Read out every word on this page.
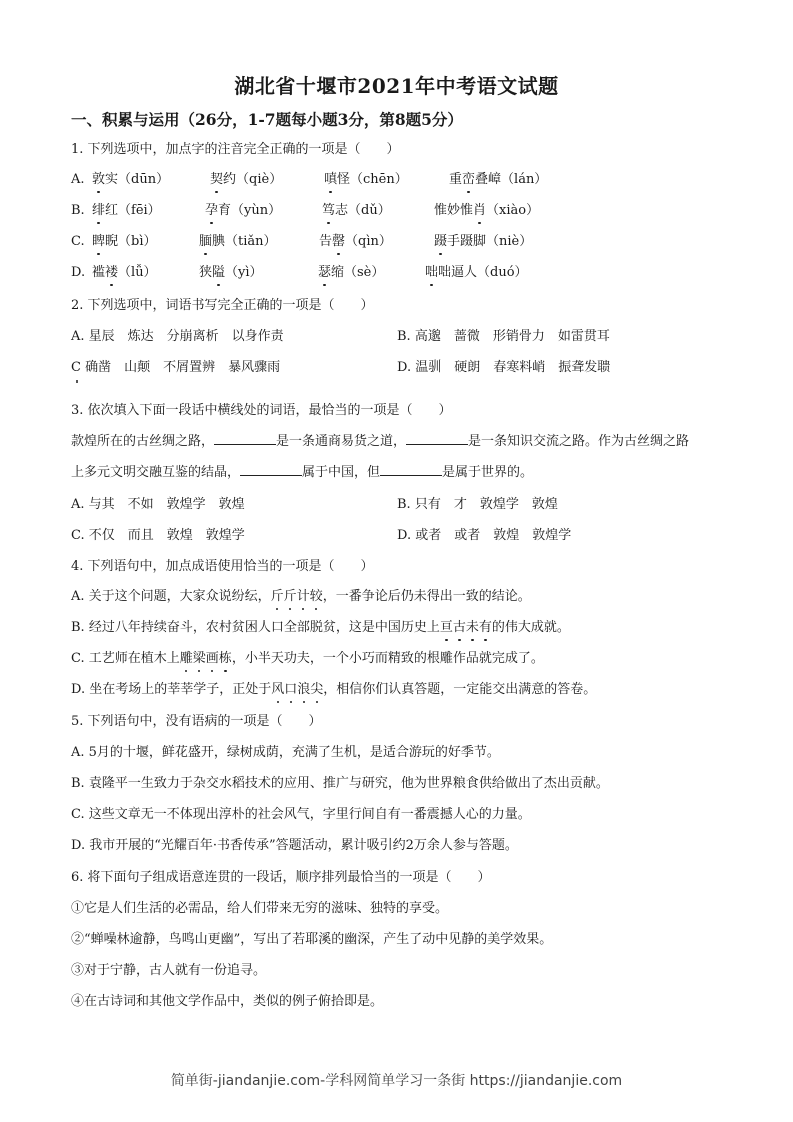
湖北省十堰市2021年中考语文试题
一、积累与运用（26分，1-7题每小题3分，第8题5分）
1. 下列选项中，加点字的注音完全正确的一项是（　　）
A. 敦实（dūn）	契约（qiè）	嗔怪（chēn）	重峦叠嶂（lán）
B. 绯红（fēi）	孕育（yùn）	笃志（dǔ）	惟妙惟肖（xiào）
C. 睥睨（bì）	腼腆（tiǎn）	告罄（qìn）	蹑手蹑脚（niè）
D. 褴褛（lǚ）	狭隘（yì）	瑟缩（sè）	咄咄逼人（duó）
2. 下列选项中，词语书写完全正确的一项是（　　）
A. 星辰　炼达　分崩离析　以身作责	B. 高邈　蔷微　形销骨力　如雷贯耳
C 确凿　山颠　不屑置辨　暴风骤雨	D. 温驯　硬朗　春寒料峭　振聋发聩
3. 依次填入下面一段话中横线处的词语，最恰当的一项是（　　）
款煌所在的古丝绸之路，	是一条通商易货之道，	是一条知识交流之路。作为古丝绸之路
上多元文明交融互鉴的结晶，	属于中国，但	是属于世界的。
A. 与其　不如　敦煌学　敦煌	B. 只有　才　敦煌学　敦煌
C. 不仅　而且　敦煌　敦煌学	D. 或者　或者　敦煌　敦煌学
4. 下列语句中，加点成语使用恰当的一项是（　　）
A. 关于这个问题，大家众说纷纭，斤斤计较，一番争论后仍未得出一致的结论。
B. 经过八年持续奋斗，农村贫困人口全部脱贫，这是中国历史上亘古未有的伟大成就。
C. 工艺师在植木上雕梁画栋，小半天功夫，一个小巧而精致的根雕作品就完成了。
D. 坐在考场上的莘莘学子，正处于风口浪尖，相信你们认真答题，一定能交出满意的答卷。
5. 下列语句中，没有语病的一项是（　　）
A. 5月的十堰，鲜花盛开，绿树成荫，充满了生机，是适合游玩的好季节。
B. 袁隆平一生致力于杂交水稻技术的应用、推广与研究，他为世界粮食供给做出了杰出贡献。
C. 这些文章无一不体现出淳朴的社会风气，字里行间自有一番震撼人心的力量。
D. 我市开展的“光耀百年·书香传承”答题活动，累计吸引约2万余人参与答题。
6. 将下面句子组成语意连贯的一段话，顺序排列最恰当的一项是（　　）
①它是人们生活的必需品，给人们带来无穷的滋味、独特的享受。
②“蝉噪林逾静，鸟鸣山更幽”，写出了若耶溪的幽深，产生了动中见静的美学效果。
③对于宁静，古人就有一份追寻。
④在古诗词和其他文学作品中，类似的例子俯拾即是。
简单街-jiandanjie.com-学科网简单学习一条街 https://jiandanjie.com
